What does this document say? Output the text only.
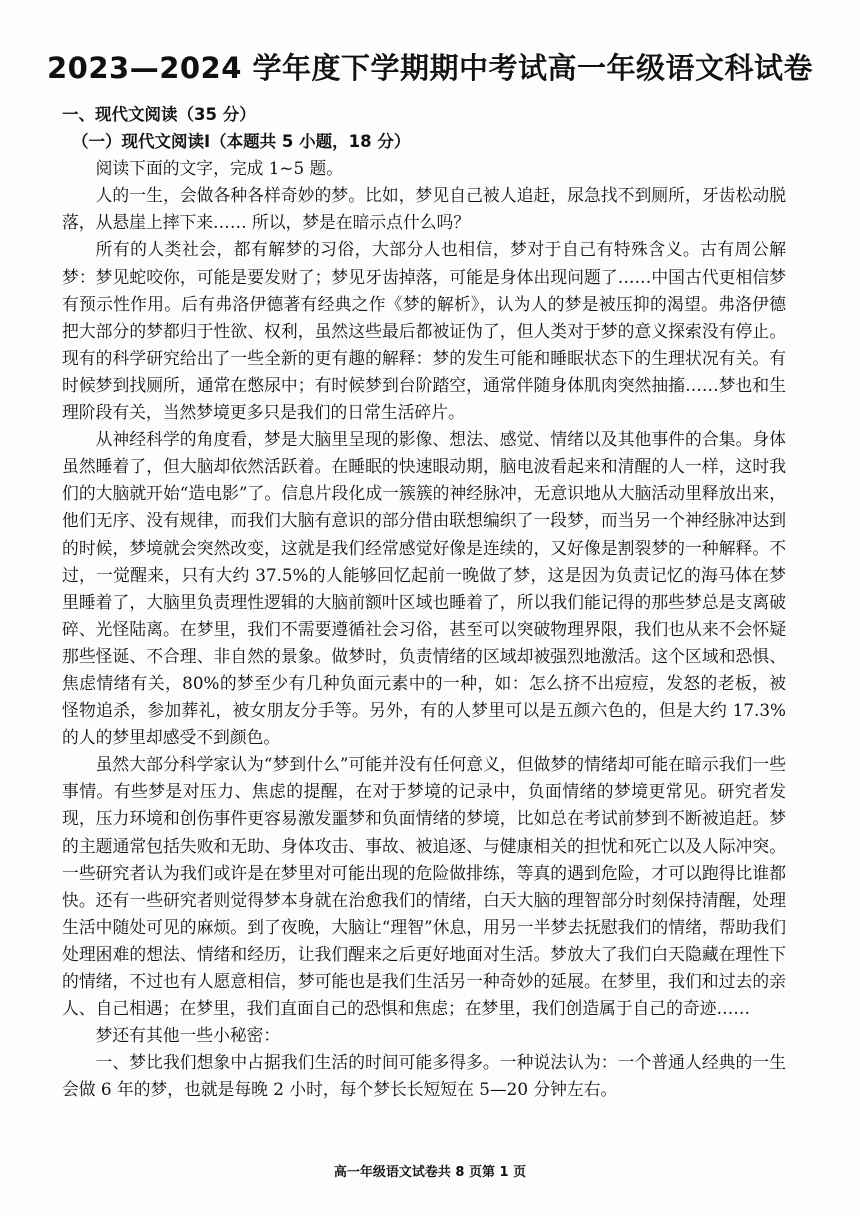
2023—2024 学年度下学期期中考试高一年级语文科试卷

一、现代文阅读（35 分）

（一）现代文阅读Ⅰ（本题共 5 小题，18 分）

阅读下面的文字，完成 1~5 题。

人的一生，会做各种各样奇妙的梦。比如，梦见自己被人追赶，尿急找不到厕所，牙齿松动脱落，从悬崖上摔下来…… 所以，梦是在暗示点什么吗？

所有的人类社会，都有解梦的习俗，大部分人也相信，梦对于自己有特殊含义。古有周公解梦：梦见蛇咬你，可能是要发财了；梦见牙齿掉落，可能是身体出现问题了……中国古代更相信梦有预示性作用。后有弗洛伊德著有经典之作《梦的解析》，认为人的梦是被压抑的渴望。弗洛伊德把大部分的梦都归于性欲、权利，虽然这些最后都被证伪了，但人类对于梦的意义探索没有停止。现有的科学研究给出了一些全新的更有趣的解释：梦的发生可能和睡眠状态下的生理状况有关。有时候梦到找厕所，通常在憋尿中；有时候梦到台阶踏空，通常伴随身体肌肉突然抽搐……梦也和生理阶段有关，当然梦境更多只是我们的日常生活碎片。

从神经科学的角度看，梦是大脑里呈现的影像、想法、感觉、情绪以及其他事件的合集。身体虽然睡着了，但大脑却依然活跃着。在睡眠的快速眼动期，脑电波看起来和清醒的人一样，这时我们的大脑就开始“造电影”了。信息片段化成一簇簇的神经脉冲，无意识地从大脑活动里释放出来，他们无序、没有规律，而我们大脑有意识的部分借由联想编织了一段梦，而当另一个神经脉冲达到的时候，梦境就会突然改变，这就是我们经常感觉好像是连续的，又好像是割裂梦的一种解释。不过，一觉醒来，只有大约 37.5%的人能够回忆起前一晚做了梦，这是因为负责记忆的海马体在梦里睡着了，大脑里负责理性逻辑的大脑前额叶区域也睡着了，所以我们能记得的那些梦总是支离破碎、光怪陆离。在梦里，我们不需要遵循社会习俗，甚至可以突破物理界限，我们也从来不会怀疑那些怪诞、不合理、非自然的景象。做梦时，负责情绪的区域却被强烈地激活。这个区域和恐惧、焦虑情绪有关，80%的梦至少有几种负面元素中的一种，如：怎么挤不出痘痘，发怒的老板，被怪物追杀，参加葬礼，被女朋友分手等。另外，有的人梦里可以是五颜六色的，但是大约 17.3%的人的梦里却感受不到颜色。

虽然大部分科学家认为“梦到什么”可能并没有任何意义，但做梦的情绪却可能在暗示我们一些事情。有些梦是对压力、焦虑的提醒，在对于梦境的记录中，负面情绪的梦境更常见。研究者发现，压力环境和创伤事件更容易激发噩梦和负面情绪的梦境，比如总在考试前梦到不断被追赶。梦的主题通常包括失败和无助、身体攻击、事故、被追逐、与健康相关的担忧和死亡以及人际冲突。一些研究者认为我们或许是在梦里对可能出现的危险做排练，等真的遇到危险，才可以跑得比谁都快。还有一些研究者则觉得梦本身就在治愈我们的情绪，白天大脑的理智部分时刻保持清醒，处理生活中随处可见的麻烦。到了夜晚，大脑让“理智”休息，用另一半梦去抚慰我们的情绪，帮助我们处理困难的想法、情绪和经历，让我们醒来之后更好地面对生活。梦放大了我们白天隐藏在理性下的情绪，不过也有人愿意相信，梦可能也是我们生活另一种奇妙的延展。在梦里，我们和过去的亲人、自己相遇；在梦里，我们直面自己的恐惧和焦虑；在梦里，我们创造属于自己的奇迹……

梦还有其他一些小秘密：

一、梦比我们想象中占据我们生活的时间可能多得多。一种说法认为：一个普通人经典的一生会做 6 年的梦，也就是每晚 2 小时，每个梦长长短短在 5—20 分钟左右。

高一年级语文试卷共 8 页第 1 页
